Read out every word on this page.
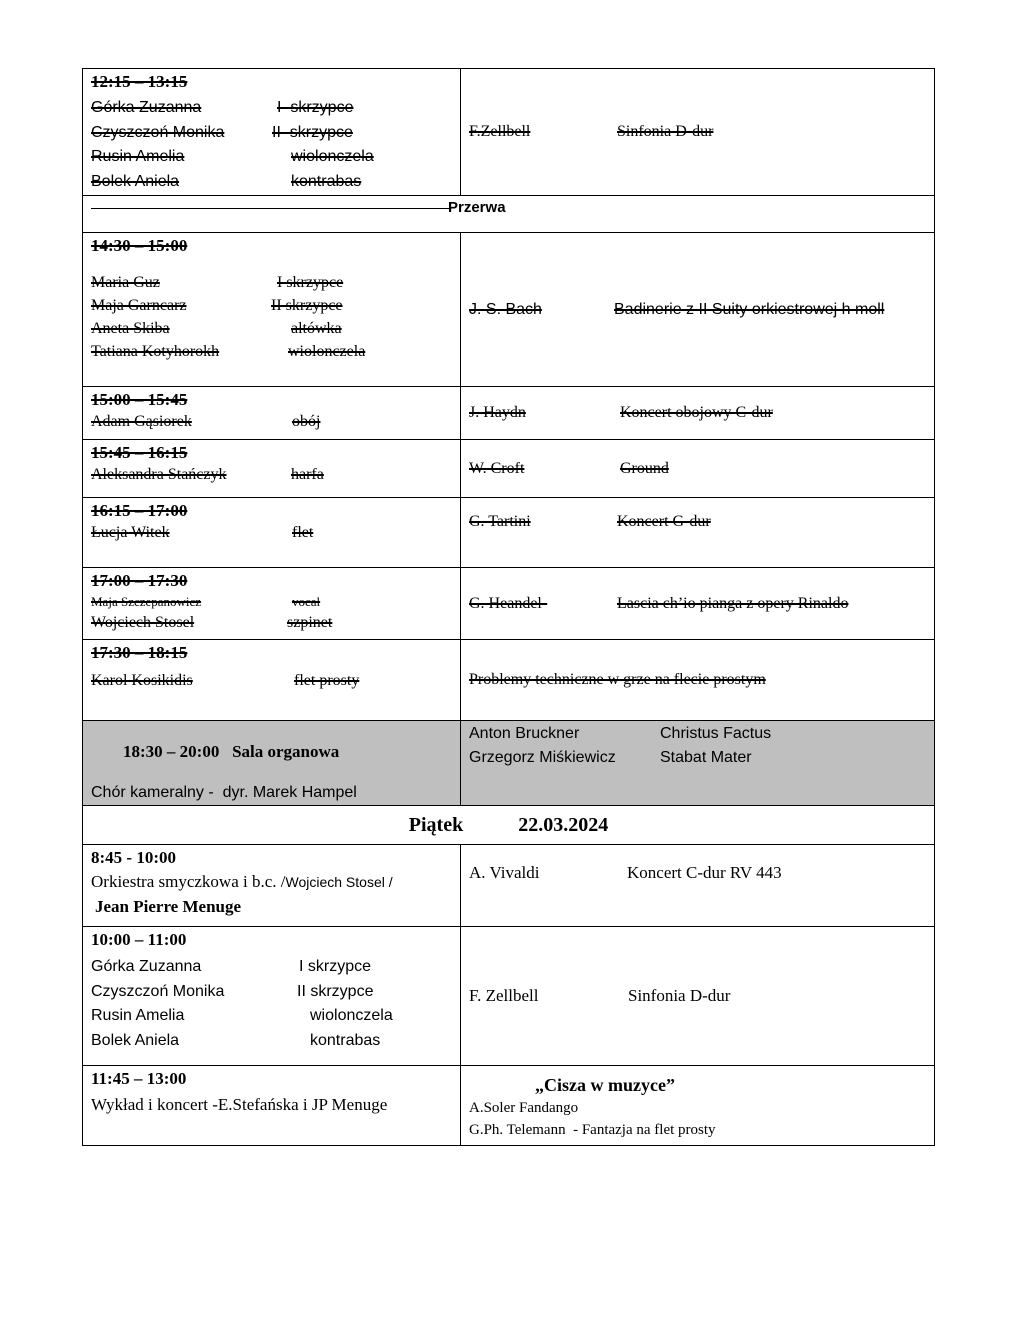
12:15 – 13:15
Górka Zuzanna	I  skrzypce
Czyszczoń Monika	II  skrzypce
Rusin Amelia	wiolonczela
Bolek Aniela	kontrabas

F.Zellbell	Sinfonia D-dur

Przerwa	

14:30 – 15:00
Maria Guz	I skrzypce
Maja Garncarz	II skrzypce
Aneta Skiba	altówka
Tatiana Kotyhorokh	wiolonczela

J. S. Bach	Badinerie z II Suity orkiestrowej h moll

15:00 – 15:45
Adam Gąsiorek	obój

J. Haydn	Koncert obojowy C-dur

15:45 – 16:15
Aleksandra Stańczyk	harfa	W. Croft	Ground

16:15 – 17:00
Łucja Witek	flet

G. Tartini	Koncert G-dur

17:00 – 17:30
Maja Szczepanowicz	vocal
Wojciech Stosel	szpinet

G. Heandel-	Lascia ch’io pianga z opery Rinaldo

17:30 – 18:15
Karol Kosikidis flet prosty	Problemy techniczne w grze na flecie prostym

18:30 – 20:00 Sala organowa

Chór kameralny -  dyr. Marek Hampel

Anton Bruckner	Christus Factus
Grzegorz Miśkiewicz	Stabat Mater

Piątek 22.03.2024	

8:45 - 10:00
Orkiestra smyczkowa i b.c. /Wojciech Stosel /
Jean Pierre Menuge

A. Vivaldi	Koncert C-dur RV 443

10:00 – 11:00
Górka Zuzanna	I skrzypce
Czyszczoń Monika	II skrzypce
Rusin Amelia	wiolonczela
Bolek Aniela	kontrabas

F. Zellbell	Sinfonia D-dur

11:45 – 13:00
Wykład i koncert -E.Stefańska i JP Menuge

„Cisza w muzyce”
A.Soler Fandango
G.Ph. Telemann  - Fantazja na flet prosty
